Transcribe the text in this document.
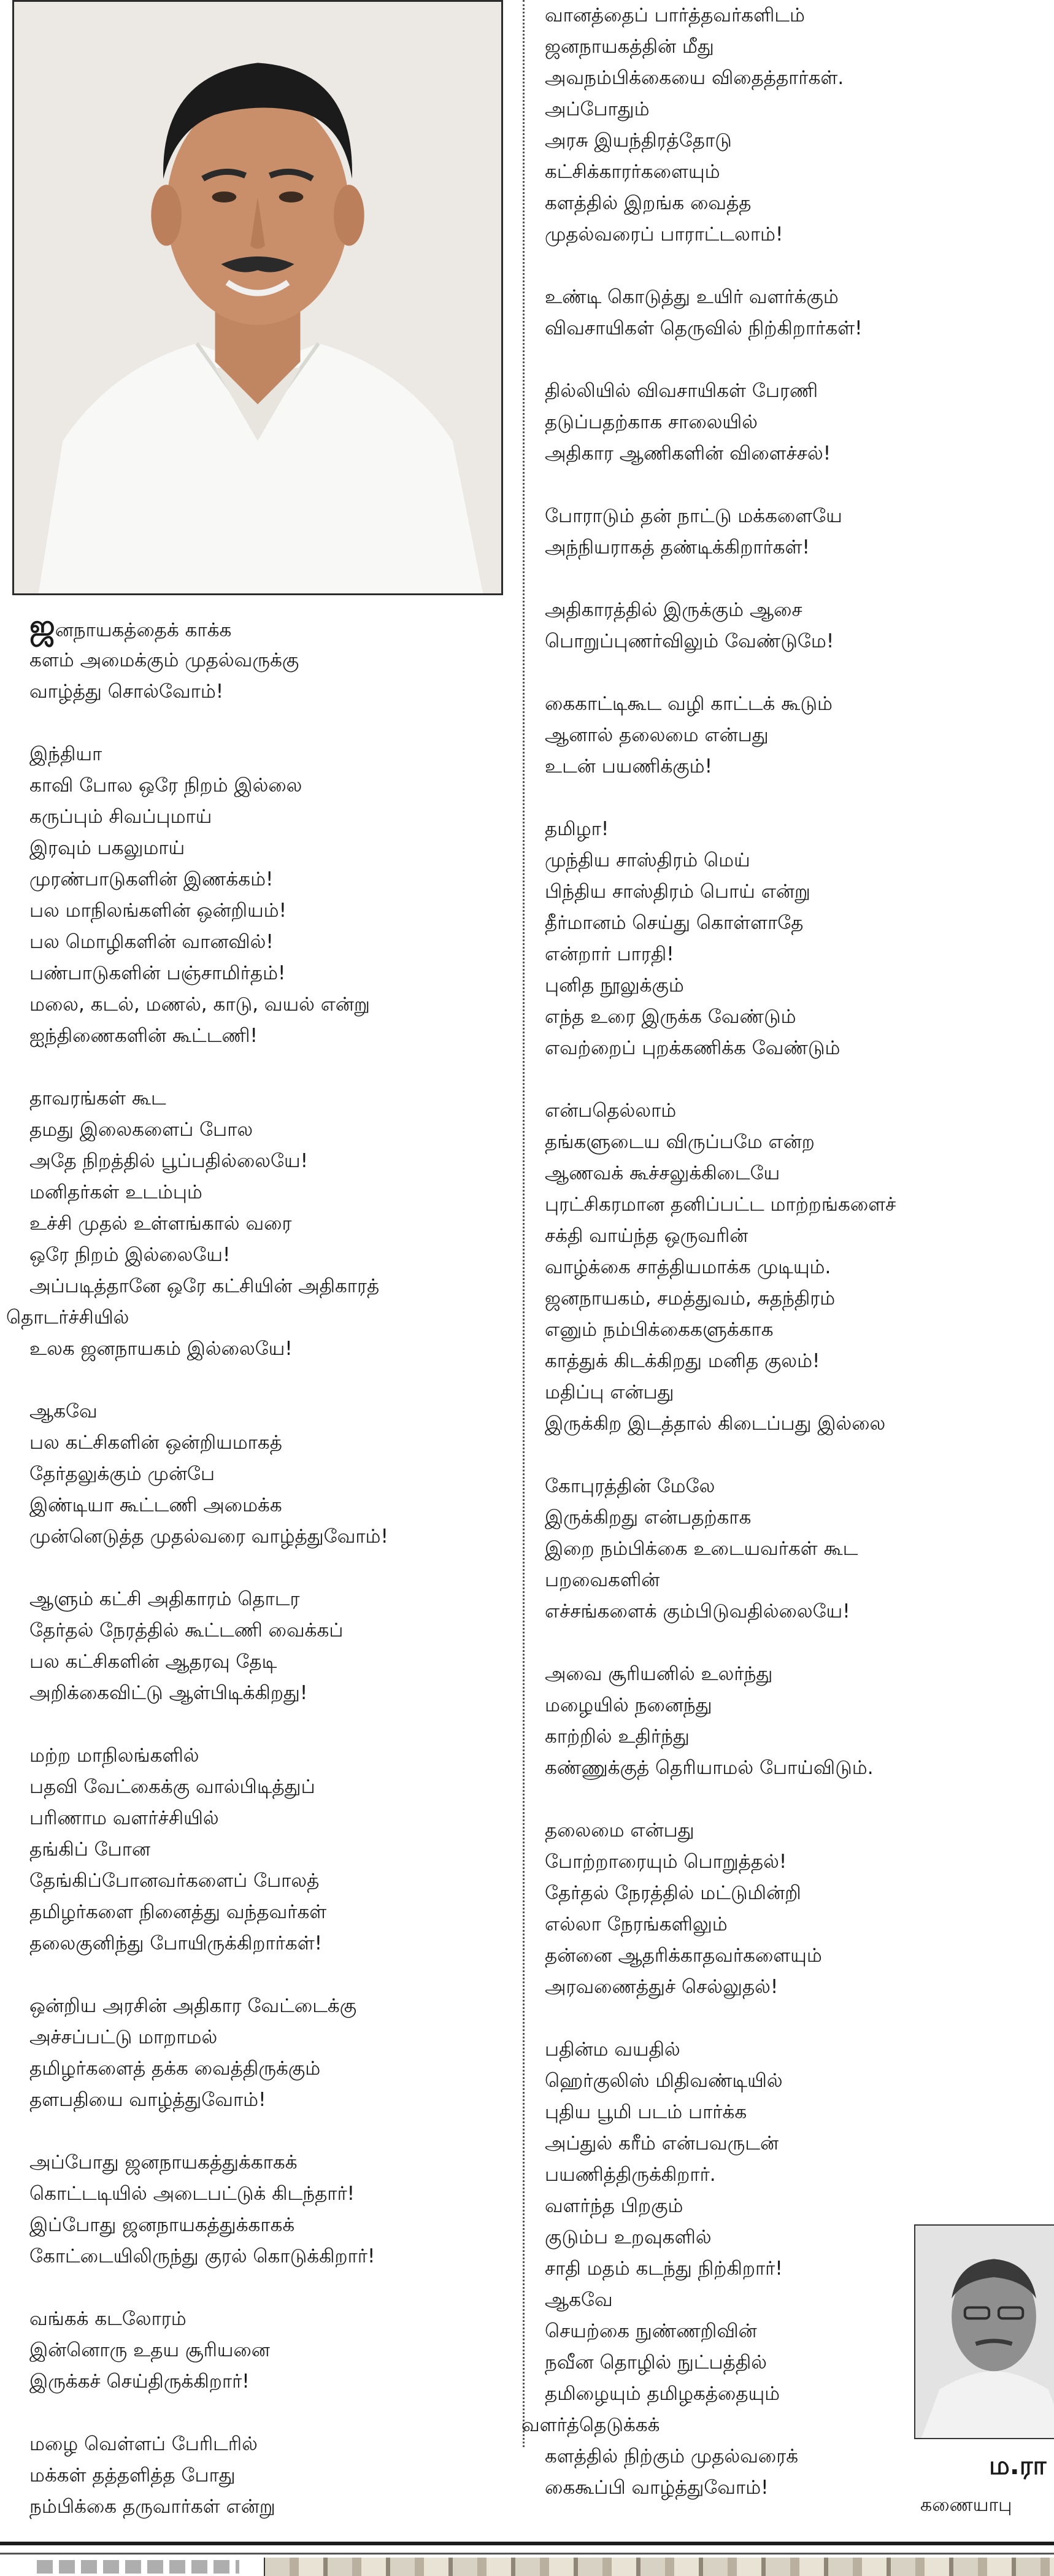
ஜனநாயகத்தைக் காக்க
களம் அமைக்கும் முதல்வருக்கு
வாழ்த்து சொல்வோம்!
இந்தியா
காவி போல ஒரே நிறம் இல்லை
கருப்பும் சிவப்புமாய்
இரவும் பகலுமாய்
முரண்பாடுகளின் இணக்கம்!
பல மாநிலங்களின் ஒன்றியம்!
பல மொழிகளின் வானவில்!
பண்பாடுகளின் பஞ்சாமிர்தம்!
மலை, கடல், மணல், காடு, வயல் என்று
ஐந்திணைகளின் கூட்டணி!
தாவரங்கள் கூட
தமது இலைகளைப் போல
அதே நிறத்தில் பூப்பதில்லையே!
மனிதர்கள் உடம்பும்
உச்சி முதல் உள்ளங்கால் வரை
ஒரே நிறம் இல்லையே!
அப்படித்தானே ஒரே கட்சியின் அதிகாரத்
தொடர்ச்சியில்
உலக ஜனநாயகம் இல்லையே!
ஆகவே
பல கட்சிகளின் ஒன்றியமாகத்
தேர்தலுக்கும் முன்பே
இண்டியா கூட்டணி அமைக்க
முன்னெடுத்த முதல்வரை வாழ்த்துவோம்!
ஆளும் கட்சி அதிகாரம் தொடர
தேர்தல் நேரத்தில் கூட்டணி வைக்கப்
பல கட்சிகளின் ஆதரவு தேடி
அறிக்கைவிட்டு ஆள்பிடிக்கிறது!
மற்ற மாநிலங்களில்
பதவி வேட்கைக்கு வால்பிடித்துப்
பரிணாம வளர்ச்சியில்
தங்கிப் போன
தேங்கிப்போனவர்களைப் போலத்
தமிழர்களை நினைத்து வந்தவர்கள்
தலைகுனிந்து போயிருக்கிறார்கள்!
ஒன்றிய அரசின் அதிகார வேட்டைக்கு
அச்சப்பட்டு மாறாமல்
தமிழர்களைத் தக்க வைத்திருக்கும்
தளபதியை வாழ்த்துவோம்!
அப்போது ஜனநாயகத்துக்காகக்
கொட்டடியில் அடைபட்டுக் கிடந்தார்!
இப்போது ஜனநாயகத்துக்காகக்
கோட்டையிலிருந்து குரல் கொடுக்கிறார்!
வங்கக் கடலோரம்
இன்னொரு உதய சூரியனை
இருக்கச் செய்திருக்கிறார்!
மழை வெள்ளப் பேரிடரில்
மக்கள் தத்தளித்த போது
நம்பிக்கை தருவார்கள் என்று
வானத்தைப் பார்த்தவர்களிடம்
ஜனநாயகத்தின் மீது
அவநம்பிக்கையை விதைத்தார்கள்.
அப்போதும்
அரசு இயந்திரத்தோடு
கட்சிக்காரர்களையும்
களத்தில் இறங்க வைத்த
முதல்வரைப் பாராட்டலாம்!
உண்டி கொடுத்து உயிர் வளர்க்கும்
விவசாயிகள் தெருவில் நிற்கிறார்கள்!
தில்லியில் விவசாயிகள் பேரணி
தடுப்பதற்காக சாலையில்
அதிகார ஆணிகளின் விளைச்சல்!
போராடும் தன் நாட்டு மக்களையே
அந்நியராகத் தண்டிக்கிறார்கள்!
அதிகாரத்தில் இருக்கும் ஆசை
பொறுப்புணர்விலும் வேண்டுமே!
கைகாட்டிகூட வழி காட்டக் கூடும்
ஆனால் தலைமை என்பது
உடன் பயணிக்கும்!
தமிழா!
முந்திய சாஸ்திரம் மெய்
பிந்திய சாஸ்திரம் பொய் என்று
தீர்மானம் செய்து கொள்ளாதே
என்றார் பாரதி!
புனித நூலுக்கும்
எந்த உரை இருக்க வேண்டும்
எவற்றைப் புறக்கணிக்க வேண்டும்
என்பதெல்லாம்
தங்களுடைய விருப்பமே என்ற
ஆணவக் கூச்சலுக்கிடையே
புரட்சிகரமான தனிப்பட்ட மாற்றங்களைச்
சக்தி வாய்ந்த ஒருவரின்
வாழ்க்கை சாத்தியமாக்க முடியும்.
ஜனநாயகம், சமத்துவம், சுதந்திரம்
எனும் நம்பிக்கைகளுக்காக
காத்துக் கிடக்கிறது மனித குலம்!
மதிப்பு என்பது
இருக்கிற இடத்தால் கிடைப்பது இல்லை
கோபுரத்தின் மேலே
இருக்கிறது என்பதற்காக
இறை நம்பிக்கை உடையவர்கள் கூட
பறவைகளின்
எச்சங்களைக் கும்பிடுவதில்லையே!
அவை சூரியனில் உலர்ந்து
மழையில் நனைந்து
காற்றில் உதிர்ந்து
கண்ணுக்குத் தெரியாமல் போய்விடும்.
தலைமை என்பது
போற்றாரையும் பொறுத்தல்!
தேர்தல் நேரத்தில் மட்டுமின்றி
எல்லா நேரங்களிலும்
தன்னை ஆதரிக்காதவர்களையும்
அரவணைத்துச் செல்லுதல்!
பதின்ம வயதில்
ஹெர்குலிஸ் மிதிவண்டியில்
புதிய பூமி படம் பார்க்க
அப்துல் கரீம் என்பவருடன்
பயணித்திருக்கிறார்.
வளர்ந்த பிறகும்
குடும்ப உறவுகளில்
சாதி மதம் கடந்து நிற்கிறார்!
ஆகவே
செயற்கை நுண்ணறிவின்
நவீன தொழில் நுட்பத்தில்
தமிழையும் தமிழகத்தையும்
வளர்த்தெடுக்கக்
களத்தில் நிற்கும் முதல்வரைக்
கைகூப்பி வாழ்த்துவோம்!
ம.ரா
கணையாபு
